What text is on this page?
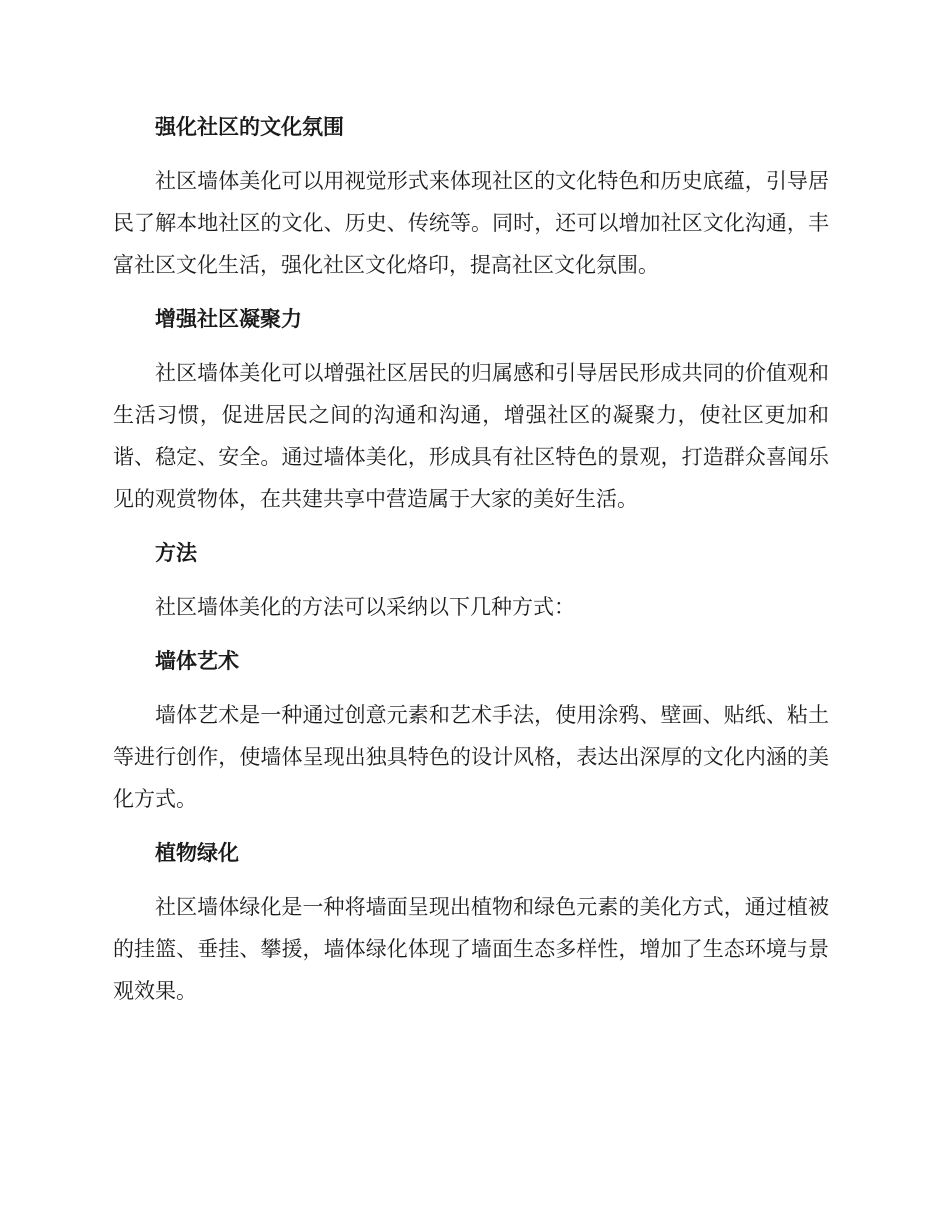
强化社区的文化氛围

社区墙体美化可以用视觉形式来体现社区的文化特色和历史底蕴，引导居民了解本地社区的文化、历史、传统等。同时，还可以增加社区文化沟通，丰富社区文化生活，强化社区文化烙印，提高社区文化氛围。

增强社区凝聚力

社区墙体美化可以增强社区居民的归属感和引导居民形成共同的价值观和生活习惯，促进居民之间的沟通和沟通，增强社区的凝聚力，使社区更加和谐、稳定、安全。通过墙体美化，形成具有社区特色的景观，打造群众喜闻乐见的观赏物体，在共建共享中营造属于大家的美好生活。

方法

社区墙体美化的方法可以采纳以下几种方式：

墙体艺术

墙体艺术是一种通过创意元素和艺术手法，使用涂鸦、壁画、贴纸、粘土等进行创作，使墙体呈现出独具特色的设计风格，表达出深厚的文化内涵的美化方式。

植物绿化

社区墙体绿化是一种将墙面呈现出植物和绿色元素的美化方式，通过植被的挂篮、垂挂、攀援，墙体绿化体现了墙面生态多样性，增加了生态环境与景观效果。
